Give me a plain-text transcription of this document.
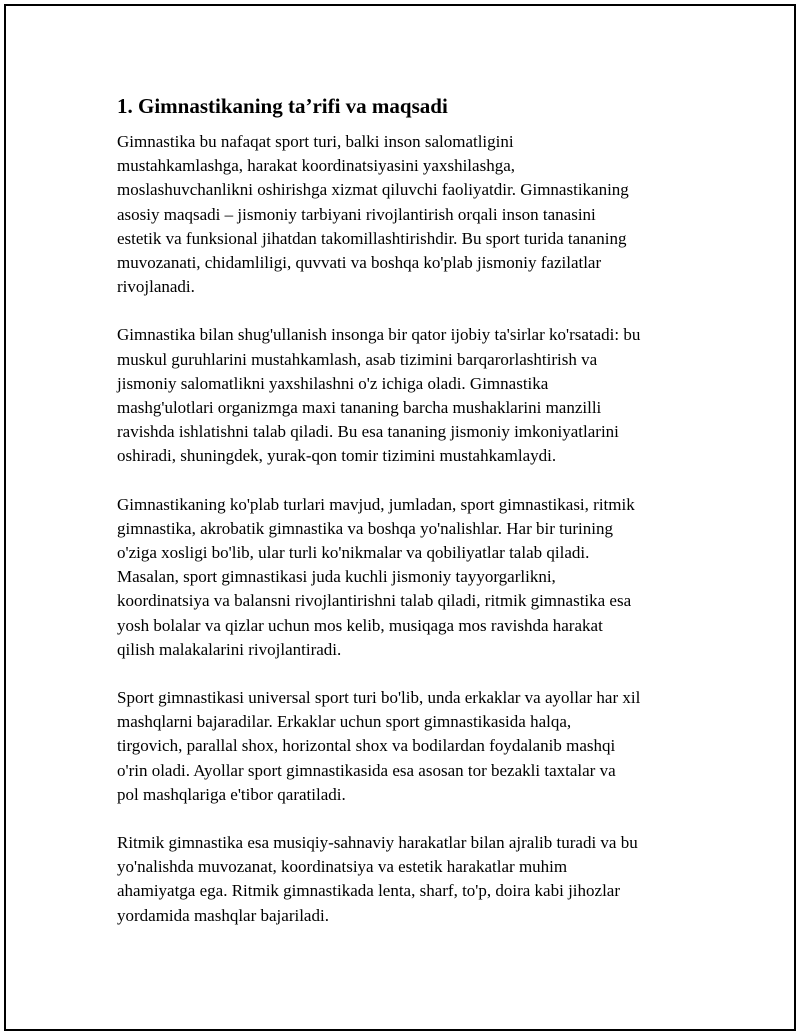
1. Gimnastikaning ta’rifi va maqsadi
Gimnastika bu nafaqat sport turi, balki inson salomatligini
mustahkamlashga, harakat koordinatsiyasini yaxshilashga,
moslashuvchanlikni oshirishga xizmat qiluvchi faoliyatdir. Gimnastikaning
asosiy maqsadi – jismoniy tarbiyani rivojlantirish orqali inson tanasini
estetik va funksional jihatdan takomillashtirishdir. Bu sport turida tananing
muvozanati, chidamliligi, quvvati va boshqa ko'plab jismoniy fazilatlar
rivojlanadi.
Gimnastika bilan shug'ullanish insonga bir qator ijobiy ta'sirlar ko'rsatadi: bu
muskul guruhlarini mustahkamlash, asab tizimini barqarorlashtirish va
jismoniy salomatlikni yaxshilashni o'z ichiga oladi. Gimnastika
mashg'ulotlari organizmga maxi tananing barcha mushaklarini manzilli
ravishda ishlatishni talab qiladi. Bu esa tananing jismoniy imkoniyatlarini
oshiradi, shuningdek, yurak-qon tomir tizimini mustahkamlaydi.
Gimnastikaning ko'plab turlari mavjud, jumladan, sport gimnastikasi, ritmik
gimnastika, akrobatik gimnastika va boshqa yo'nalishlar. Har bir turining
o'ziga xosligi bo'lib, ular turli ko'nikmalar va qobiliyatlar talab qiladi.
Masalan, sport gimnastikasi juda kuchli jismoniy tayyorgarlikni,
koordinatsiya va balansni rivojlantirishni talab qiladi, ritmik gimnastika esa
yosh bolalar va qizlar uchun mos kelib, musiqaga mos ravishda harakat
qilish malakalarini rivojlantiradi.
Sport gimnastikasi universal sport turi bo'lib, unda erkaklar va ayollar har xil
mashqlarni bajaradilar. Erkaklar uchun sport gimnastikasida halqa,
tirgovich, parallal shox, horizontal shox va bodilardan foydalanib mashqi
o'rin oladi. Ayollar sport gimnastikasida esa asosan tor bezakli taxtalar va
pol mashqlariga e'tibor qaratiladi.
Ritmik gimnastika esa musiqiy-sahnaviy harakatlar bilan ajralib turadi va bu
yo'nalishda muvozanat, koordinatsiya va estetik harakatlar muhim
ahamiyatga ega. Ritmik gimnastikada lenta, sharf, to'p, doira kabi jihozlar
yordamida mashqlar bajariladi.
